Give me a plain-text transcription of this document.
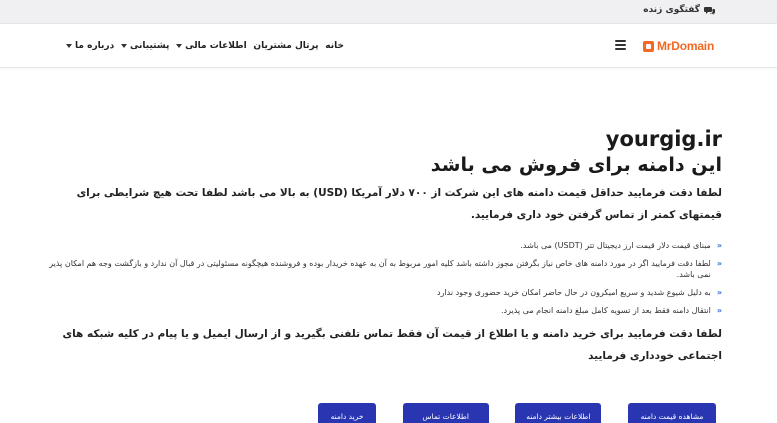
گفتگوی زنده
MrDomain
خانه
پرتال مشتریان
اطلاعات مالی
پشتیبانی
درباره ما
yourgig.ir
این دامنه برای فروش می باشد

لطفا دقت فرمایید حداقل قیمت دامنه های این شرکت از ۷۰۰ دلار آمریکا (USD) به بالا می باشد لطفا تحت هیچ شرایطی برای قیمتهای کمتر از تماس گرفتن خود داری فرمایید.

«
مبنای قیمت دلار قیمت ارز دیجیتال تتر (USDT) می باشد.
«
لطفا دقت فرمایید اگر در مورد دامنه های خاص نیاز بگرفتن مجوز داشته باشد کلیه امور مربوط به آن به عهده خریدار بوده و فروشنده هیچگونه مسئولیتی در قبال آن ندارد و بازگشت وجه هم امکان پذیر نمی باشد.
«
به دلیل شیوع شدید و سریع امیکرون در حال حاضر امکان خرید حضوری وجود ندارد
«
انتقال دامنه فقط بعد از تسویه کامل مبلغ دامنه انجام می پذیرد.

لطفا دقت فرمایید برای خرید دامنه و یا اطلاع از قیمت آن فقط تماس تلفنی بگیرید و از ارسال ایمیل و یا پیام در کلیه شبکه های اجتماعی خودداری فرمایید

مشاهده قیمت دامنه
اطلاعات بیشتر دامنه
اطلاعات تماس
خرید دامنه
